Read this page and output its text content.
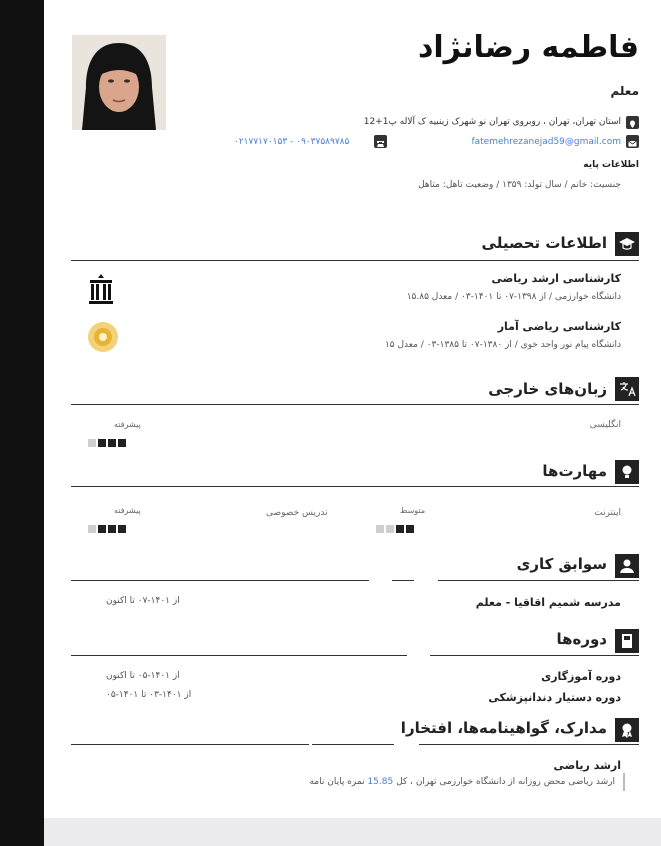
فاطمه رضانژاد
معلم
استان تهران، تهران ، روبروی تهران نو شهرک زینبیه ک آلاله پ1+12
fatemehrezanejad59@gmail.com
۰۲۱۷۷۱۷۰۱۵۳ - ۰۹۰۳۷۵۸۹۷۸۵
اطلاعات پایه
جنسیت: خانم / سال تولد: ۱۳۵۹ / وضعیت تاهل: متاهل
اطلاعات تحصیلی
کارشناسی ارشد ریاضی
دانشگاه خوارزمی / از ۱۳۹۸-۰۷ تا ۱۴۰۱-۰۳ / معدل ۱۵.۸۵
کارشناسی ریاضی آمار
دانشگاه پیام نور واحد خوی / از ۱۳۸۰-۰۷ تا ۱۳۸۵-۰۳ / معدل ۱۵
زبان‌های خارجی
انگلیسی
پیشرفته
مهارت‌ها
اینترنت
متوسط
تدریس خصوصی
پیشرفته
سوابق کاری
مدرسه شمیم اقاقیا - معلم
از ۱۴۰۱-۰۷ تا اکنون
دوره‌ها
دوره آموزگاری
از ۱۴۰۱-۰۵ تا اکنون
دوره دستیار دندانپزشکی
از ۱۴۰۱-۰۳ تا ۱۴۰۱-۰۵
مدارک، گواهینامه‌ها، افتخارا
ارشد ریاضی
ارشد ریاضی محض روزانه از دانشگاه خوارزمی تهران ، کل 15.85 نمره پایان نامه
